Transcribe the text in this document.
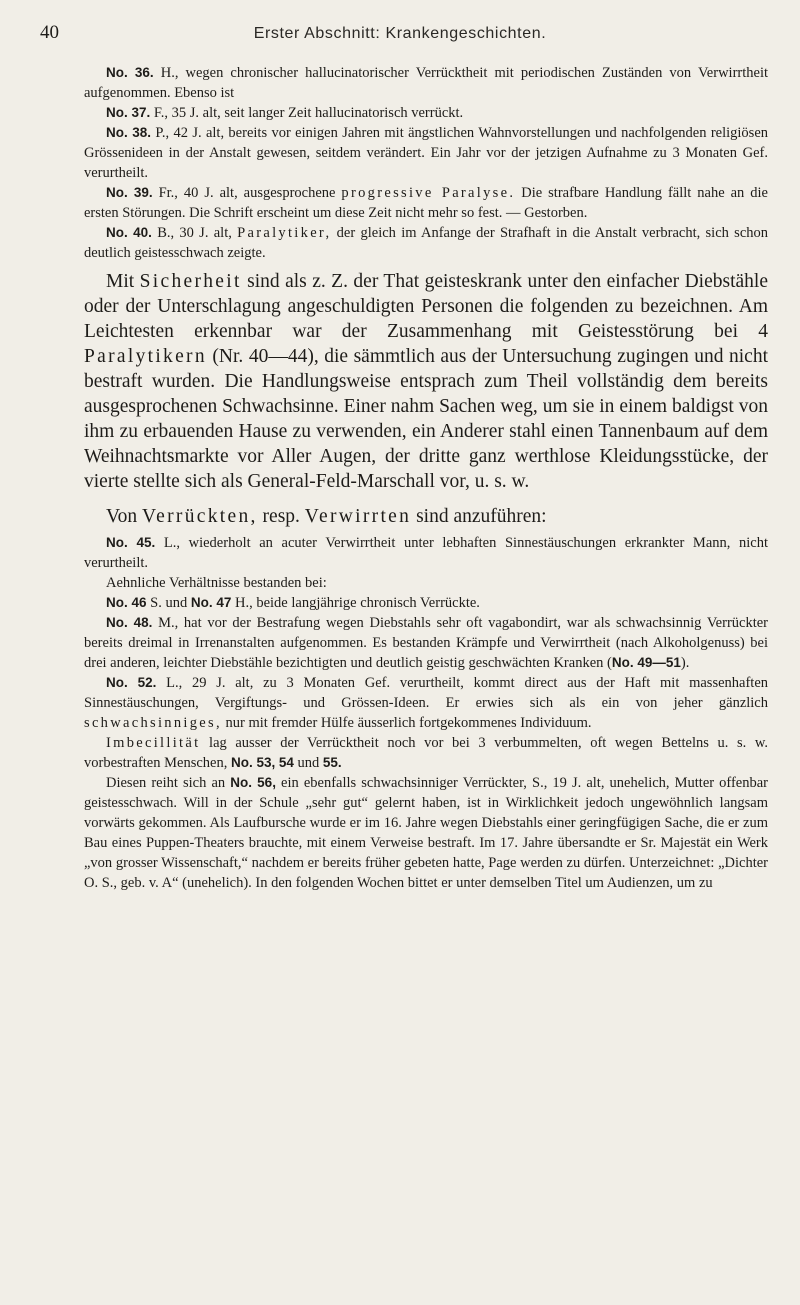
40	Erster Abschnitt: Krankengeschichten.

No. 36. H., wegen chronischer hallucinatorischer Verrücktheit mit periodischen Zuständen von Verwirrtheit aufgenommen. Ebenso ist

No. 37. F., 35 J. alt, seit langer Zeit hallucinatorisch verrückt.

No. 38. P., 42 J. alt, bereits vor einigen Jahren mit ängstlichen Wahnvorstellungen und nachfolgenden religiösen Grössenideen in der Anstalt gewesen, seitdem verändert. Ein Jahr vor der jetzigen Aufnahme zu 3 Monaten Gef. verurtheilt.

No. 39. Fr., 40 J. alt, ausgesprochene progressive Paralyse. Die strafbare Handlung fällt nahe an die ersten Störungen. Die Schrift erscheint um diese Zeit nicht mehr so fest. — Gestorben.

No. 40. B., 30 J. alt, Paralytiker, der gleich im Anfange der Strafhaft in die Anstalt verbracht, sich schon deutlich geistesschwach zeigte.

Mit Sicherheit sind als z. Z. der That geisteskrank unter den einfacher Diebstähle oder der Unterschlagung angeschuldigten Personen die folgenden zu bezeichnen. Am Leichtesten erkennbar war der Zusammenhang mit Geistesstörung bei 4 Paralytikern (Nr. 40—44), die sämmtlich aus der Untersuchung zugingen und nicht bestraft wurden. Die Handlungsweise entsprach zum Theil vollständig dem bereits ausgesprochenen Schwachsinne. Einer nahm Sachen weg, um sie in einem baldigst von ihm zu erbauenden Hause zu verwenden, ein Anderer stahl einen Tannenbaum auf dem Weihnachtsmarkte vor Aller Augen, der dritte ganz werthlose Kleidungsstücke, der vierte stellte sich als General-Feld-Marschall vor, u. s. w.

Von Verrückten, resp. Verwirrten sind anzuführen:

No. 45. L., wiederholt an acuter Verwirrtheit unter lebhaften Sinnestäuschungen erkrankter Mann, nicht verurtheilt.

Aehnliche Verhältnisse bestanden bei:

No. 46 S. und No. 47 H., beide langjährige chronisch Verrückte.

No. 48. M., hat vor der Bestrafung wegen Diebstahls sehr oft vagabondirt, war als schwachsinnig Verrückter bereits dreimal in Irrenanstalten aufgenommen. Es bestanden Krämpfe und Verwirrtheit (nach Alkoholgenuss) bei drei anderen, leichter Diebstähle bezichtigten und deutlich geistig geschwächten Kranken (No. 49—51).

No. 52. L., 29 J. alt, zu 3 Monaten Gef. verurtheilt, kommt direct aus der Haft mit massenhaften Sinnestäuschungen, Vergiftungs- und Grössen-Ideen. Er erwies sich als ein von jeher gänzlich schwachsinniges, nur mit fremder Hülfe äusserlich fortgekommenes Individuum.

Imbecillität lag ausser der Verrücktheit noch vor bei 3 verbummelten, oft wegen Bettelns u. s. w. vorbestraften Menschen, No. 53, 54 und 55.

Diesen reiht sich an No. 56, ein ebenfalls schwachsinniger Verrückter, S., 19 J. alt, unehelich, Mutter offenbar geistesschwach. Will in der Schule „sehr gut“ gelernt haben, ist in Wirklichkeit jedoch ungewöhnlich langsam vorwärts gekommen. Als Laufbursche wurde er im 16. Jahre wegen Diebstahls einer geringfügigen Sache, die er zum Bau eines Puppen-Theaters brauchte, mit einem Verweise bestraft. Im 17. Jahre übersandte er Sr. Majestät ein Werk „von grosser Wissenschaft,“ nachdem er bereits früher gebeten hatte, Page werden zu dürfen. Unterzeichnet: „Dichter O. S., geb. v. A“ (unehelich). In den folgenden Wochen bittet er unter demselben Titel um Audienzen, um zu
